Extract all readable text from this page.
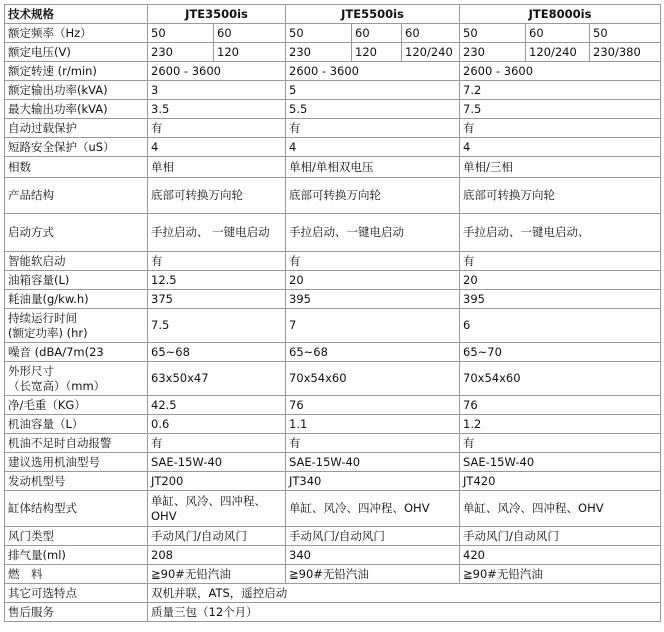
技术规格	JTE3500is		JTE5500is			JTE8000is		
额定频率（Hz）	50	60	50	60	60	50	60	50
额定电压(V)	230	120	230	120	120/240	230	120/240	230/380
额定转速 (r/min)	2600 - 3600		2600 - 3600			2600 - 3600		
额定输出功率(kVA)	3		5			7.2		
最大输出功率(kVA)	3.5		5.5			7.5		
自动过载保护	有		有			有		
短路安全保护（uS）	4		4			4		
相数	单相		单相/单相双电压			单相/三相		
产品结构	底部可转换万向轮		底部可转换万向轮			底部可转换万向轮		
启动方式	手拉启动、 一键电启动		手拉启动、一键电启动			手拉启动、一键电启动、		
智能软启动	有		有			有		
油箱容量(L)	12.5		20			20		
耗油量(g/kw.h)	375		395			395		

持续运行时间
(额定功率) (hr)	7.5		7			6		
噪音 (dBA/7m(23	65~68		65~68			65~70		

外形尺寸
（长宽高）（mm）	63x50x47		70x54x60			70x54x60		
净/毛重（KG）	42.5		76			76		
机油容量（L）	0.6		1.1			1.2		
机油不足时自动报警	有		有			有		
建议选用机油型号	SAE-15W-40		SAE-15W-40			SAE-15W-40		
发动机型号	JT200		JT340			JT420		
缸体结构型式	单缸、风冷、四冲程、OHV		单缸、风冷、四冲程、OHV			单缸、风冷、四冲程、OHV		
风门类型	手动风门/自动风门		手动风门/自动风门			手动风门/自动风门		
排气量(ml)	208		340			420		
燃　料	≧90#无铅汽油		≧90#无铅汽油			≧90#无铅汽油		
其它可选特点	双机并联，ATS，遥控启动							
售后服务	质量三包（12个月）							
